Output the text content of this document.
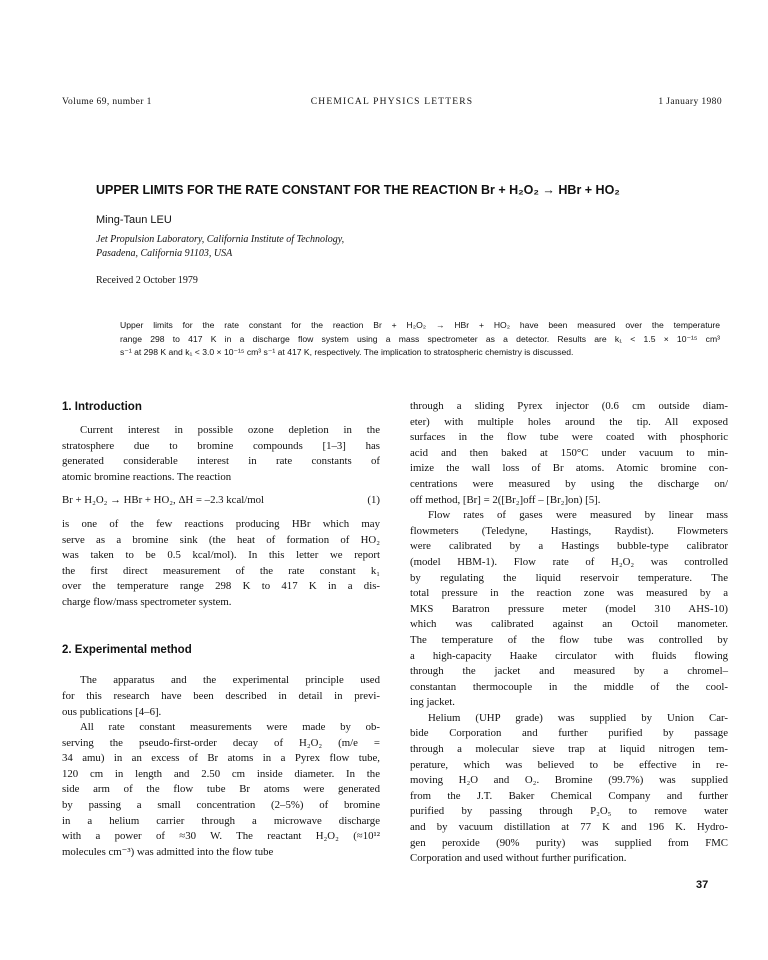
Volume 69, number 1	CHEMICAL PHYSICS LETTERS	1 January 1980
UPPER LIMITS FOR THE RATE CONSTANT FOR THE REACTION Br + H₂O₂ → HBr + HO₂
Ming-Taun LEU
Jet Propulsion Laboratory, California Institute of Technology,
Pasadena, California 91103, USA
Received 2 October 1979
Upper limits for the rate constant for the reaction Br + H₂O₂ → HBr + HO₂ have been measured over the temperature
range 298 to 417 K in a discharge flow system using a mass spectrometer as a detector. Results are k₁ < 1.5 × 10⁻¹⁵ cm³
s⁻¹ at 298 K and k₁ < 3.0 × 10⁻¹⁵ cm³ s⁻¹ at 417 K, respectively. The implication to stratospheric chemistry is discussed.
1. Introduction
Current interest in possible ozone depletion in the
stratosphere due to bromine compounds [1–3] has
generated considerable interest in rate constants of
atomic bromine reactions. The reaction
Br + H₂O₂ → HBr + HO₂, ΔH = –2.3 kcal/mol	(1)
is one of the few reactions producing HBr which may
serve as a bromine sink (the heat of formation of HO₂
was taken to be 0.5 kcal/mol). In this letter we report
the first direct measurement of the rate constant k₁
over the temperature range 298 K to 417 K in a dis-
charge flow/mass spectrometer system.
2. Experimental method
The apparatus and the experimental principle used
for this research have been described in detail in previ-
ous publications [4–6].
All rate constant measurements were made by ob-
serving the pseudo-first-order decay of H₂O₂ (m/e =
34 amu) in an excess of Br atoms in a Pyrex flow tube,
120 cm in length and 2.50 cm inside diameter. In the
side arm of the flow tube Br atoms were generated
by passing a small concentration (2–5%) of bromine
in a helium carrier through a microwave discharge
with a power of ≈30 W. The reactant H₂O₂ (≈10¹²
molecules cm⁻³) was admitted into the flow tube
through a sliding Pyrex injector (0.6 cm outside diam-
eter) with multiple holes around the tip. All exposed
surfaces in the flow tube were coated with phosphoric
acid and then baked at 150°C under vacuum to min-
imize the wall loss of Br atoms. Atomic bromine con-
centrations were measured by using the discharge on/
off method, [Br] = 2([Br₂]off – [Br₂]on) [5].
Flow rates of gases were measured by linear mass
flowmeters (Teledyne, Hastings, Raydist). Flowmeters
were calibrated by a Hastings bubble-type calibrator
(model HBM-1). Flow rate of H₂O₂ was controlled
by regulating the liquid reservoir temperature. The
total pressure in the reaction zone was measured by a
MKS Baratron pressure meter (model 310 AHS-10)
which was calibrated against an Octoil manometer.
The temperature of the flow tube was controlled by
a high-capacity Haake circulator with fluids flowing
through the jacket and measured by a chromel–
constantan thermocouple in the middle of the cool-
ing jacket.
Helium (UHP grade) was supplied by Union Car-
bide Corporation and further purified by passage
through a molecular sieve trap at liquid nitrogen tem-
perature, which was believed to be effective in re-
moving H₂O and O₂. Bromine (99.7%) was supplied
from the J.T. Baker Chemical Company and further
purified by passing through P₂O₅ to remove water
and by vacuum distillation at 77 K and 196 K. Hydro-
gen peroxide (90% purity) was supplied from FMC
Corporation and used without further purification.
37
